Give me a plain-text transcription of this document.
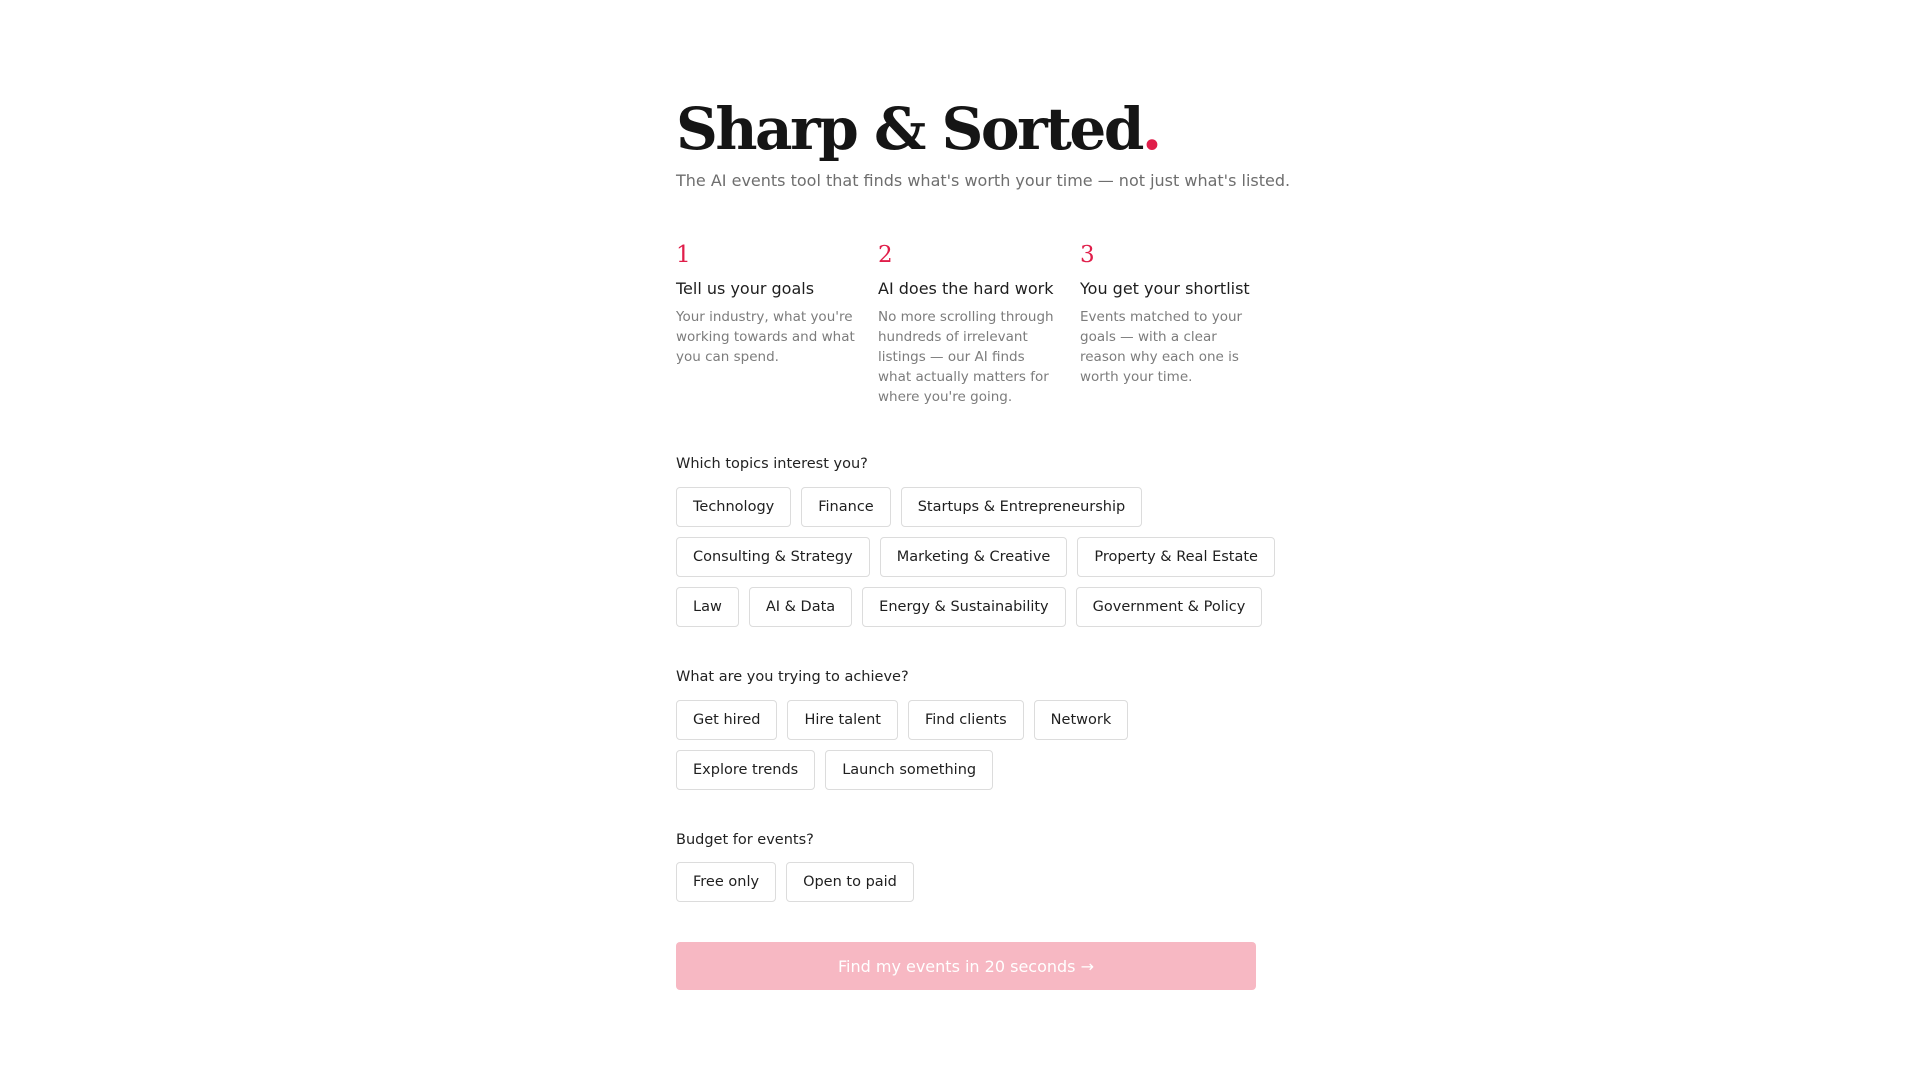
Sharp & Sorted.

The AI events tool that finds what's worth your time — not just what's listed.

1
Tell us your goals
Your industry, what you're working towards and what you can spend.
2
AI does the hard work
No more scrolling through hundreds of irrelevant listings — our AI finds what actually matters for where you're going.
3
You get your shortlist
Events matched to your goals — with a clear reason why each one is worth your time.
Which topics interest you?
Technology	Finance	Startups & Entrepreneurship
Consulting & Strategy	Marketing & Creative	Property & Real Estate
Law	AI & Data	Energy & Sustainability	Government & Policy
What are you trying to achieve?
Get hired	Hire talent	Find clients	Network
Explore trends	Launch something
Budget for events?
Free only	Open to paid
Find my events in 20 seconds →
